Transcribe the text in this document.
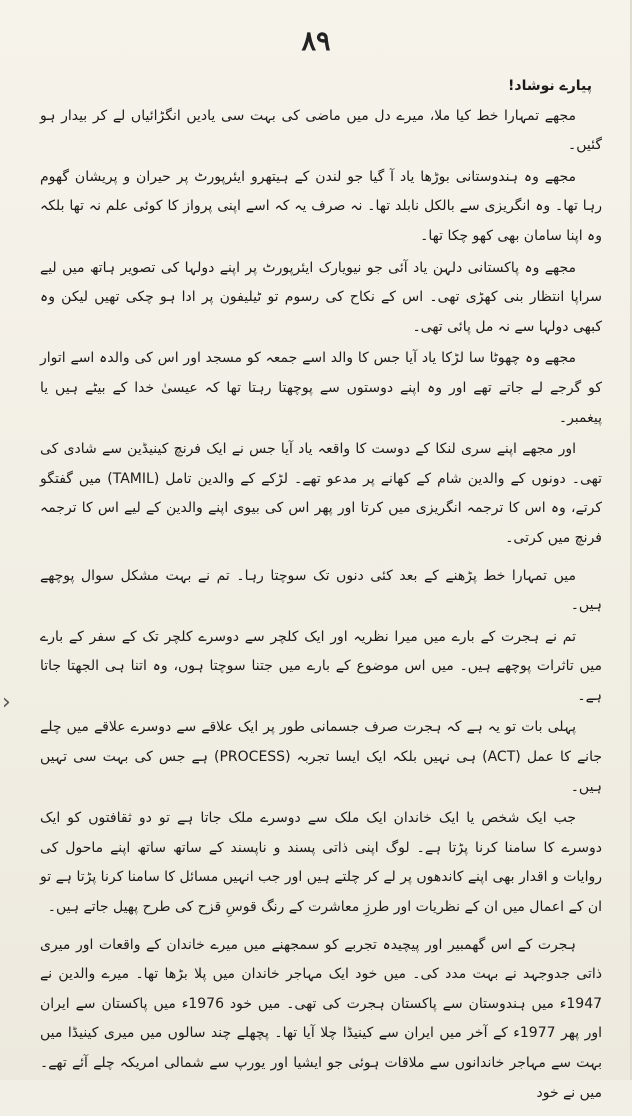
۸۹
›
پیارے نوشاد!
مجھے تمہارا خط کیا ملا، میرے دل میں ماضی کی بہت سی یادیں انگڑائیاں لے کر بیدار ہو گئیں۔
مجھے وہ ہندوستانی بوڑھا یاد آ گیا جو لندن کے ہیتھرو ایئرپورٹ پر حیران و پریشان گھوم رہا تھا۔ وہ انگریزی سے بالکل نابلد تھا۔ نہ صرف یہ کہ اسے اپنی پرواز کا کوئی علم نہ تھا بلکہ وہ اپنا سامان بھی کھو چکا تھا۔
مجھے وہ پاکستانی دلہن یاد آئی جو نیویارک ایئرپورٹ پر اپنے دولہا کی تصویر ہاتھ میں لیے سراپا انتظار بنی کھڑی تھی۔ اس کے نکاح کی رسوم تو ٹیلیفون پر ادا ہو چکی تھیں لیکن وہ کبھی دولہا سے نہ مل پائی تھی۔
مجھے وہ چھوٹا سا لڑکا یاد آیا جس کا والد اسے جمعہ کو مسجد اور اس کی والدہ اسے اتوار کو گرجے لے جاتے تھے اور وہ اپنے دوستوں سے پوچھتا رہتا تھا کہ عیسیٰ خدا کے بیٹے ہیں یا پیغمبر۔
اور مجھے اپنے سری لنکا کے دوست کا واقعہ یاد آیا جس نے ایک فرنچ کینیڈین سے شادی کی تھی۔ دونوں کے والدین شام کے کھانے پر مدعو تھے۔ لڑکے کے والدین تامل (TAMIL) میں گفتگو کرتے، وہ اس کا ترجمہ انگریزی میں کرتا اور پھر اس کی بیوی اپنے والدین کے لیے اس کا ترجمہ فرنچ میں کرتی۔
میں تمہارا خط پڑھنے کے بعد کئی دنوں تک سوچتا رہا۔ تم نے بہت مشکل سوال پوچھے ہیں۔
تم نے ہجرت کے بارے میں میرا نظریہ اور ایک کلچر سے دوسرے کلچر تک کے سفر کے بارے میں تاثرات پوچھے ہیں۔ میں اس موضوع کے بارے میں جتنا سوچتا ہوں، وہ اتنا ہی الجھتا جاتا ہے۔
پہلی بات تو یہ ہے کہ ہجرت صرف جسمانی طور پر ایک علاقے سے دوسرے علاقے میں چلے جانے کا عمل (ACT) ہی نہیں بلکہ ایک ایسا تجربہ (PROCESS) ہے جس کی بہت سی تہیں ہیں۔
جب ایک شخص یا ایک خاندان ایک ملک سے دوسرے ملک جاتا ہے تو دو ثقافتوں کو ایک دوسرے کا سامنا کرنا پڑتا ہے۔ لوگ اپنی ذاتی پسند و ناپسند کے ساتھ ساتھ اپنے ماحول کی روایات و اقدار بھی اپنے کاندھوں پر لے کر چلتے ہیں اور جب انہیں مسائل کا سامنا کرنا پڑتا ہے تو ان کے اعمال میں ان کے نظریات اور طرزِ معاشرت کے رنگ قوسِ قزح کی طرح پھیل جاتے ہیں۔
ہجرت کے اس گھمبیر اور پیچیدہ تجربے کو سمجھنے میں میرے خاندان کے واقعات اور میری ذاتی جدوجہد نے بہت مدد کی۔ میں خود ایک مہاجر خاندان میں پلا بڑھا تھا۔ میرے والدین نے 1947ء میں ہندوستان سے پاکستان ہجرت کی تھی۔ میں خود 1976ء میں پاکستان سے ایران اور پھر 1977ء کے آخر میں ایران سے کینیڈا چلا آیا تھا۔ پچھلے چند سالوں میں میری کینیڈا میں بہت سے مہاجر خاندانوں سے ملاقات ہوئی جو ایشیا اور یورپ سے شمالی امریکہ چلے آئے تھے۔ میں نے خود
